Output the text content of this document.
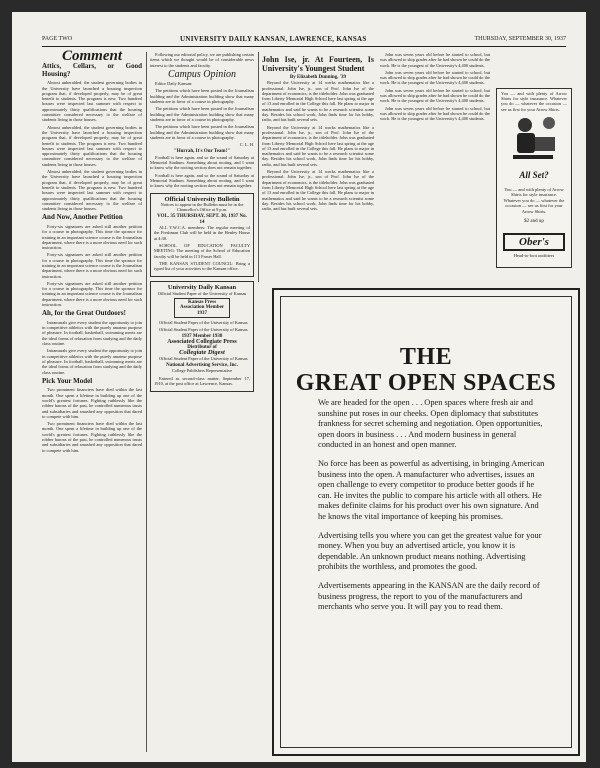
PAGE TWO	UNIVERSITY DAILY KANSAN, LAWRENCE, KANSAS	THURSDAY, SEPTEMBER 30, 1937
Comment
Attics, Cellars, or Good Housing?

Almost unheralded, the student governing bodies in the University have launched a housing inspection program that, if developed properly, may be of great benefit to students. The program is new. Two hundred houses were inspected last summer with respect to approximately thirty qualifications that the housing committee considered necessary to the welfare of students living in those houses.

Almost unheralded, the student governing bodies in the University have launched a housing inspection program that, if developed properly, may be of great benefit to students. The program is new. Two hundred houses were inspected last summer with respect to approximately thirty qualifications that the housing committee considered necessary to the welfare of students living in those houses.

Almost unheralded, the student governing bodies in the University have launched a housing inspection program that, if developed properly, may be of great benefit to students. The program is new. Two hundred houses were inspected last summer with respect to approximately thirty qualifications that the housing committee considered necessary to the welfare of students living in those houses.

And Now, Another Petition

Forty-six signatures are asked still another petition for a course in photography. This time the sponsor for training in an important science course is the Journalism department, where there is a more obvious need for such instruction.

Forty-six signatures are asked still another petition for a course in photography. This time the sponsor for training in an important science course is the Journalism department, where there is a more obvious need for such instruction.

Forty-six signatures are asked still another petition for a course in photography. This time the sponsor for training in an important science course is the Journalism department, where there is a more obvious need for such instruction.

Ah, for the Great Outdoors!

Intramurals give every student the opportunity to join in competitive athletics with the purely amateur purpose of pleasure. In football, basketball, swimming meets are the ideal forms of relaxation from studying and the daily class routine.

Intramurals give every student the opportunity to join in competitive athletics with the purely amateur purpose of pleasure. In football, basketball, swimming meets are the ideal forms of relaxation from studying and the daily class routine.

Pick Your Model

Two prominent financiers have died within the last month. One spent a lifetime in building up one of the world's greatest fortunes. Fighting ruthlessly like the robber barons of the past, he controlled numerous trusts and subsidiaries and smashed any opposition that dared to compete with him.

Two prominent financiers have died within the last month. One spent a lifetime in building up one of the world's greatest fortunes. Fighting ruthlessly like the robber barons of the past, he controlled numerous trusts and subsidiaries and smashed any opposition that dared to compete with him.

Following our editorial policy, we are publishing certain items which we thought would be of considerable news interest to the students and faculty.

Campus Opinion

Editor Daily Kansan:

The petitions which have been posted in the Journalism building and the Administration building show that many students are in favor of a course in photography.

The petitions which have been posted in the Journalism building and the Administration building show that many students are in favor of a course in photography.

The petitions which have been posted in the Journalism building and the Administration building show that many students are in favor of a course in photography.

C. L. H.

"Hurrah, It's Our Team!"

Football is here again, and so the sound of Saturday at Memorial Stadium. Something about rooting, and I want to know why the rooting section does not remain together.

Football is here again, and so the sound of Saturday at Memorial Stadium. Something about rooting, and I want to know why the rooting section does not remain together.

Official University Bulletin

Notices to appear in the Bulletin must be in the Chancellor's Office at 9 p.m.

VOL. 35 THURSDAY, SEPT. 30, 1937 No. 14

ALL Y.W.C.A. members: The regular meeting of the Freshman Club will be held in the Henley House at 4:30.

SCHOOL OF EDUCATION FACULTY MEETING: The meeting of the School of Education faculty will be held in 113 Fraser Hall.

THE KANSAN STUDENT COUNCIL: Bring a typed list of your activities to the Kansan office.

University Daily Kansan

Official Student Paper of the University of Kansas

Kansas Press Association Member 1937

Official Student Paper of the University of Kansas

Official Student Paper of the University of Kansas

1937 Member 1938
Associated Collegiate Press
Distributor of
Collegiate Digest

Official Student Paper of the University of Kansas

National Advertising Service, Inc.

College Publishers Representative

Entered as second-class matter, September 17, 1910, at the post office at Lawrence, Kansas.

John Ise, jr. At Fourteen, Is University's Youngest Student
By Elizabeth Dunning, '39

Beyond the University at 14 works mathematics like a professional. John Ise, jr., son of Prof. John Ise of the department of economics, is the titleholder. John was graduated from Liberty Memorial High School here last spring at the age of 13 and enrolled in the College this fall. He plans to major in mathematics and said he wants to be a research scientist some day. Besides his school work, John finds time for his hobby, radio, and has built several sets.

Beyond the University at 14 works mathematics like a professional. John Ise, jr., son of Prof. John Ise of the department of economics, is the titleholder. John was graduated from Liberty Memorial High School here last spring at the age of 13 and enrolled in the College this fall. He plans to major in mathematics and said he wants to be a research scientist some day. Besides his school work, John finds time for his hobby, radio, and has built several sets.

Beyond the University at 14 works mathematics like a professional. John Ise, jr., son of Prof. John Ise of the department of economics, is the titleholder. John was graduated from Liberty Memorial High School here last spring at the age of 13 and enrolled in the College this fall. He plans to major in mathematics and said he wants to be a research scientist some day. Besides his school work, John finds time for his hobby, radio, and has built several sets.

John was seven years old before he started to school, but was allowed to skip grades after he had shown he could do the work. He is the youngest of the University's 4,400 students.

John was seven years old before he started to school, but was allowed to skip grades after he had shown he could do the work. He is the youngest of the University's 4,400 students.

John was seven years old before he started to school, but was allowed to skip grades after he had shown he could do the work. He is the youngest of the University's 4,400 students.

John was seven years old before he started to school, but was allowed to skip grades after he had shown he could do the work. He is the youngest of the University's 4,400 students.

You — and with plenty of Arrow Shirts for style insurance. Whatever you do — whatever the occasion — see us first for your Arrow Shirts.
All Set?
You — and with plenty of Arrow Shirts for style insurance. Whatever you do — whatever the occasion — see us first for your Arrow Shirts.
$2 and up
Ober's
Head-to-foot outfitters
THE
GREAT OPEN SPACES

We are headed for the open . . . Open spaces where fresh air and sunshine put roses in our cheeks. Open diplomacy that substitutes frankness for secret scheming and negotiation. Open opportunities, open doors in business . . . And modern business in general conducted in an honest and open manner.

No force has been as powerful as advertising, in bringing American business into the open. A manufacturer who advertises, issues an open challenge to every competitor to produce better goods if he can. He invites the public to compare his article with all others. He makes definite claims for his product over his own signature. And he knows the vital importance of keeping his promises.

Advertising tells you where you can get the greatest value for your money. When you buy an advertised article, you know it is dependable. An unknown product means nothing. Advertising prohibits the worthless, and promotes the good.

Advertisements appearing in the KANSAN are the daily record of business progress, the report to you of the manufacturers and merchants who serve you. It will pay you to read them.
